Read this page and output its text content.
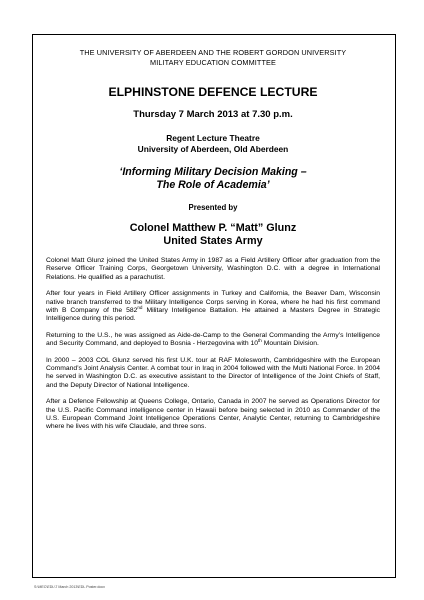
THE UNIVERSITY OF ABERDEEN AND THE ROBERT GORDON UNIVERSITY
MILITARY EDUCATION COMMITTEE
ELPHINSTONE DEFENCE LECTURE
Thursday 7 March 2013 at 7.30 p.m.
Regent Lecture Theatre
University of Aberdeen, Old Aberdeen
‘Informing Military Decision Making –
The Role of Academia’
Presented by
Colonel Matthew P. “Matt” Glunz
United States Army

Colonel Matt Glunz joined the United States Army in 1987 as a Field Artillery Officer after graduation from the Reserve Officer Training Corps, Georgetown University, Washington D.C. with a degree in International Relations. He qualified as a parachutist.

After four years in Field Artillery Officer assignments in Turkey and California, the Beaver Dam, Wisconsin native branch transferred to the Military Intelligence Corps serving in Korea, where he had his first command with B Company of the 582nd Military Intelligence Battalion. He attained a Masters Degree in Strategic Intelligence during this period.

Returning to the U.S., he was assigned as Aide-de-Camp to the General Commanding the Army’s Intelligence and Security Command, and deployed to Bosnia - Herzegovina with 10th Mountain Division.

In 2000 – 2003 COL Glunz served his first U.K. tour at RAF Molesworth, Cambridgeshire with the European Command’s Joint Analysis Center. A combat tour in Iraq in 2004 followed with the Multi National Force. In 2004 he served in Washington D.C. as executive assistant to the Director of Intelligence of the Joint Chiefs of Staff, and the Deputy Director of National Intelligence.

After a Defence Fellowship at Queens College, Ontario, Canada in 2007 he served as Operations Director for the U.S. Pacific Command intelligence center in Hawaii before being selected in 2010 as Commander of the U.S. European Command Joint Intelligence Operations Center, Analytic Center, returning to Cambridgeshire where he lives with his wife Claudale, and three sons.

S:\MEC\EDL\7 March 2013\EDL Poster.docx
